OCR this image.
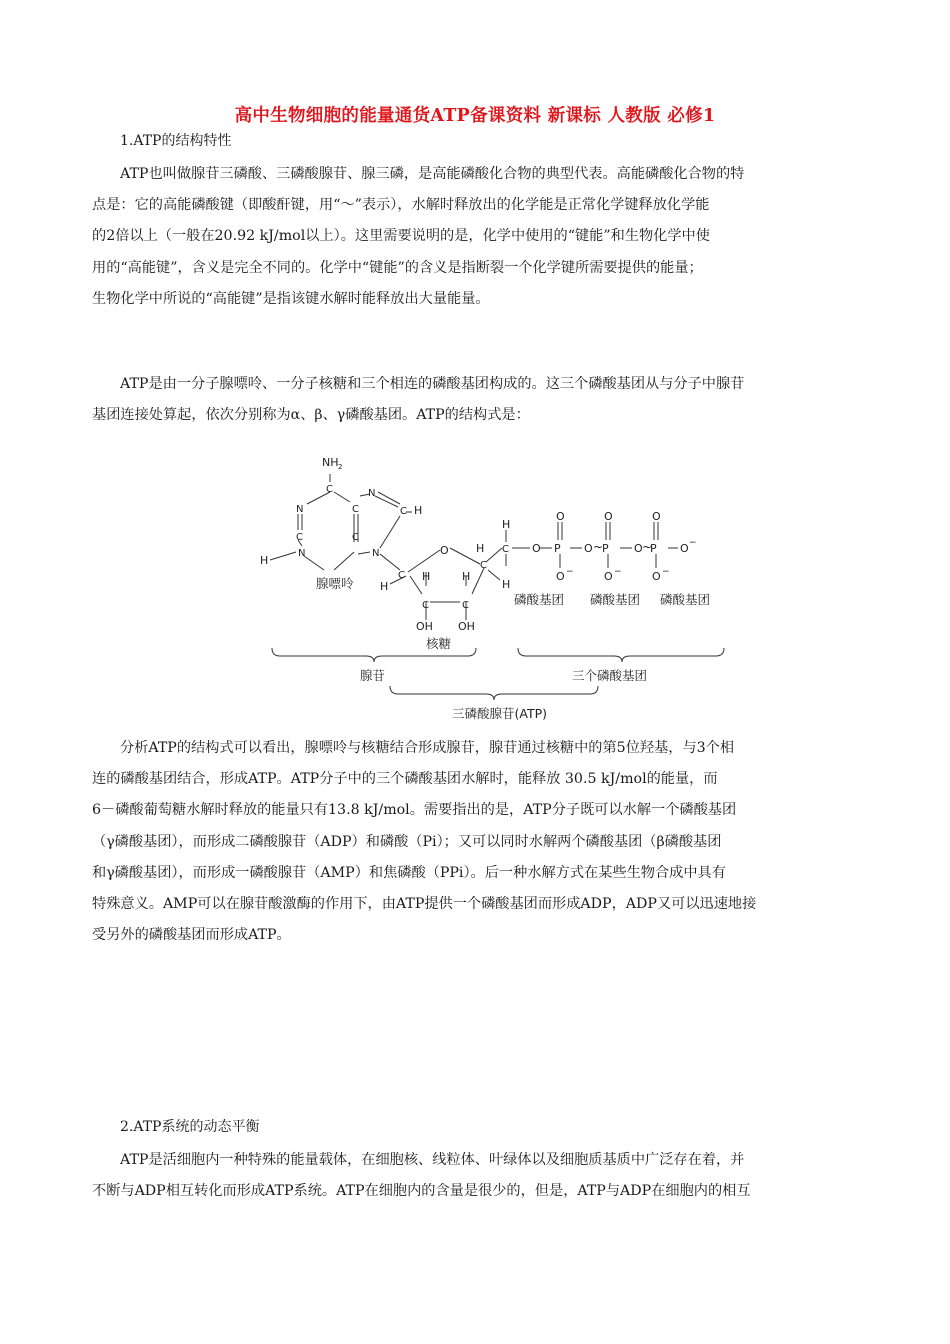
高中生物细胞的能量通货ATP备课资料 新课标 人教版 必修1
1.ATP的结构特性
ATP也叫做腺苷三磷酸、三磷酸腺苷、腺三磷，是高能磷酸化合物的典型代表。高能磷酸化合物的特
点是：它的高能磷酸键（即酸酐键，用“～”表示），水解时释放出的化学能是正常化学键释放化学能
的2倍以上（一般在20.92 kJ/mol以上）。这里需要说明的是，化学中使用的“键能”和生物化学中使
用的“高能键”，含义是完全不同的。化学中“键能”的含义是指断裂一个化学键所需要提供的能量；
生物化学中所说的“高能键”是指该键水解时能释放出大量能量。
ATP是由一分子腺嘌呤、一分子核糖和三个相连的磷酸基团构成的。这三个磷酸基团从与分子中腺苷
基团连接处算起，依次分别称为α、β、γ磷酸基团。ATP的结构式是：
NH 2
C
N	C
N
C H
C	C
N
H
N
C
H
O
H
C
H
C
C
H
OH OH
H
H C O P
O
O −
O ~
P
O
O −
O ~
P
O
O −
O −
腺嘌呤
磷酸基团 磷酸基团 磷酸基团
核糖
腺苷	三个磷酸基团
三磷酸腺苷(ATP)
分析ATP的结构式可以看出，腺嘌呤与核糖结合形成腺苷，腺苷通过核糖中的第5位羟基，与3个相
连的磷酸基团结合，形成ATP。ATP分子中的三个磷酸基团水解时，能释放 30.5 kJ/mol的能量，而
6－磷酸葡萄糖水解时释放的能量只有13.8 kJ/mol。需要指出的是，ATP分子既可以水解一个磷酸基团
（γ磷酸基团），而形成二磷酸腺苷（ADP）和磷酸（Pi）；又可以同时水解两个磷酸基团（β磷酸基团
和γ磷酸基团），而形成一磷酸腺苷（AMP）和焦磷酸（PPi）。后一种水解方式在某些生物合成中具有
特殊意义。AMP可以在腺苷酸激酶的作用下，由ATP提供一个磷酸基团而形成ADP，ADP又可以迅速地接
受另外的磷酸基团而形成ATP。
2.ATP系统的动态平衡
ATP是活细胞内一种特殊的能量载体，在细胞核、线粒体、叶绿体以及细胞质基质中广泛存在着，并
不断与ADP相互转化而形成ATP系统。ATP在细胞内的含量是很少的，但是，ATP与ADP在细胞内的相互
